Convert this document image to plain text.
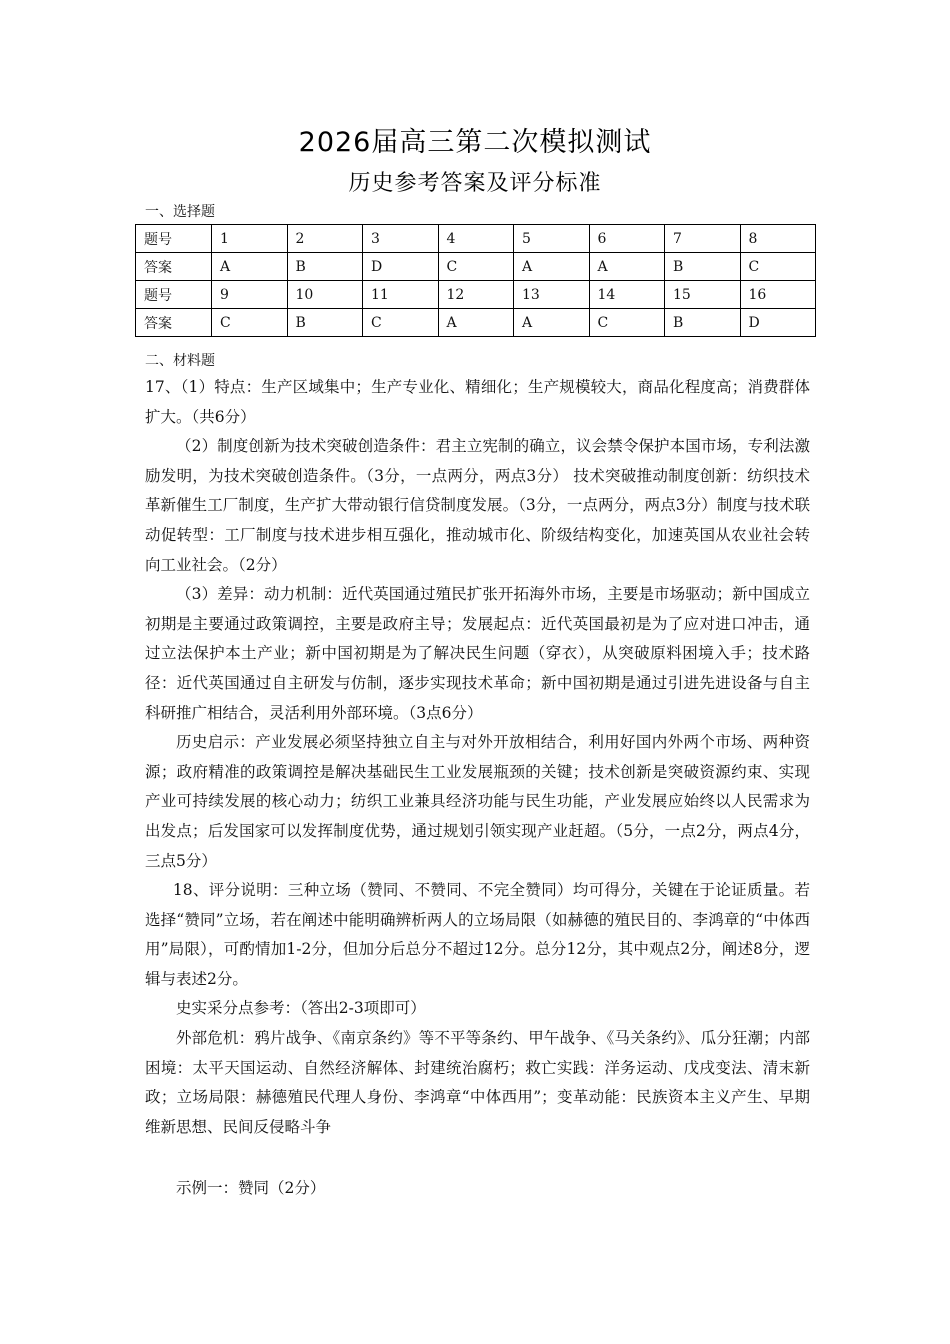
2026届高三第二次模拟测试
历史参考答案及评分标准
一、选择题
题号	1	2	3	4	5	6	7	8
答案	A	B	D	C	A	A	B	C
题号	9	10	11	12	13	14	15	16
答案	C	B	C	A	A	C	B	D
二、材料题

17、（1）特点：生产区域集中；生产专业化、精细化；生产规模较大，商品化程度高；消费群体扩大。（共6分）

（2）制度创新为技术突破创造条件：君主立宪制的确立，议会禁令保护本国市场，专利法激励发明，为技术突破创造条件。（3分，一点两分，两点3分） 技术突破推动制度创新：纺织技术革新催生工厂制度，生产扩大带动银行信贷制度发展。（3分，一点两分，两点3分）制度与技术联动促转型：工厂制度与技术进步相互强化，推动城市化、阶级结构变化，加速英国从农业社会转向工业社会。（2分）

（3）差异：动力机制：近代英国通过殖民扩张开拓海外市场，主要是市场驱动；新中国成立初期是主要通过政策调控，主要是政府主导；发展起点：近代英国最初是为了应对进口冲击，通过立法保护本土产业；新中国初期是为了解决民生问题（穿衣），从突破原料困境入手；技术路径：近代英国通过自主研发与仿制，逐步实现技术革命；新中国初期是通过引进先进设备与自主科研推广相结合，灵活利用外部环境。（3点6分）

历史启示：产业发展必须坚持独立自主与对外开放相结合，利用好国内外两个市场、两种资源；政府精准的政策调控是解决基础民生工业发展瓶颈的关键；技术创新是突破资源约束、实现产业可持续发展的核心动力；纺织工业兼具经济功能与民生功能，产业发展应始终以人民需求为出发点；后发国家可以发挥制度优势，通过规划引领实现产业赶超。（5分，一点2分，两点4分，三点5分）

18、评分说明：三种立场（赞同、不赞同、不完全赞同）均可得分，关键在于论证质量。若选择“赞同”立场，若在阐述中能明确辨析两人的立场局限（如赫德的殖民目的、李鸿章的“中体西用”局限），可酌情加1-2分，但加分后总分不超过12分。总分12分，其中观点2分，阐述8分，逻辑与表述2分。

史实采分点参考：（答出2-3项即可）

外部危机：鸦片战争、《南京条约》等不平等条约、甲午战争、《马关条约》、瓜分狂潮；内部困境：太平天国运动、自然经济解体、封建统治腐朽；救亡实践：洋务运动、戊戌变法、清末新政；立场局限：赫德殖民代理人身份、李鸿章“中体西用”；变革动能：民族资本主义产生、早期维新思想、民间反侵略斗争

示例一：赞同（2分）
